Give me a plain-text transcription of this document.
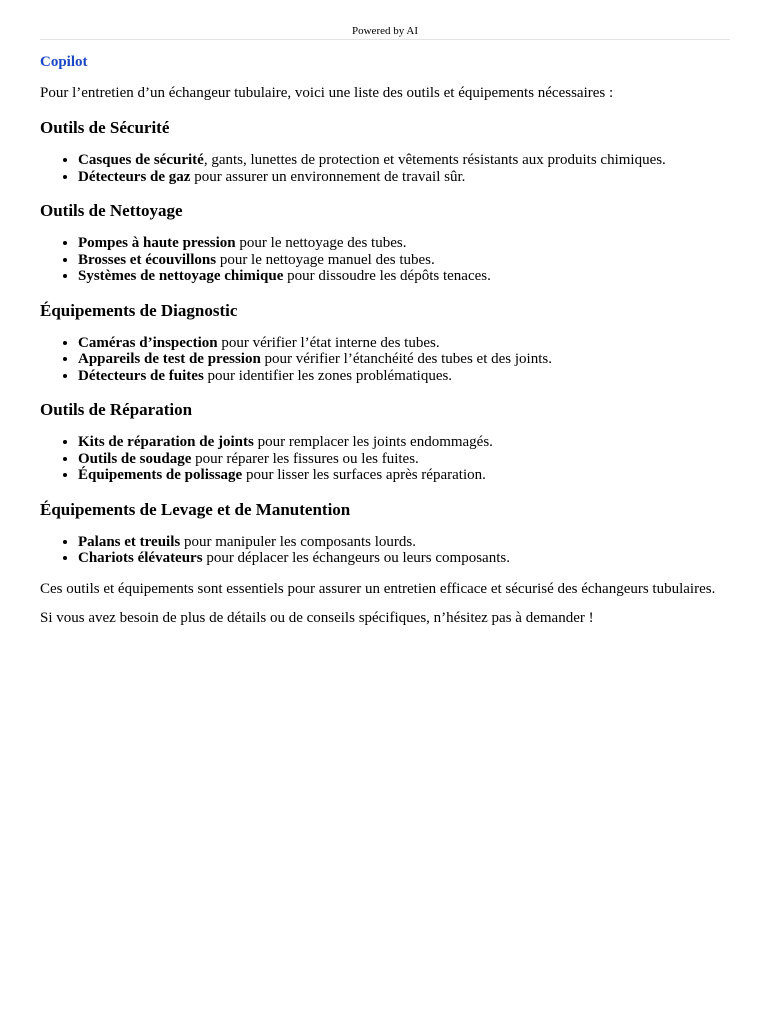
Powered by AI

Copilot

Pour l’entretien d’un échangeur tubulaire, voici une liste des outils et équipements nécessaires :

Outils de Sécurité
• Casques de sécurité, gants, lunettes de protection et vêtements résistants aux produits chimiques.
• Détecteurs de gaz pour assurer un environnement de travail sûr.
Outils de Nettoyage
• Pompes à haute pression pour le nettoyage des tubes.
• Brosses et écouvillons pour le nettoyage manuel des tubes.
• Systèmes de nettoyage chimique pour dissoudre les dépôts tenaces.
Équipements de Diagnostic
• Caméras d’inspection pour vérifier l’état interne des tubes.
• Appareils de test de pression pour vérifier l’étanchéité des tubes et des joints.
• Détecteurs de fuites pour identifier les zones problématiques.
Outils de Réparation
• Kits de réparation de joints pour remplacer les joints endommagés.
• Outils de soudage pour réparer les fissures ou les fuites.
• Équipements de polissage pour lisser les surfaces après réparation.
Équipements de Levage et de Manutention
• Palans et treuils pour manipuler les composants lourds.
• Chariots élévateurs pour déplacer les échangeurs ou leurs composants.

Ces outils et équipements sont essentiels pour assurer un entretien efficace et sécurisé des échangeurs tubulaires.

Si vous avez besoin de plus de détails ou de conseils spécifiques, n’hésitez pas à demander !
